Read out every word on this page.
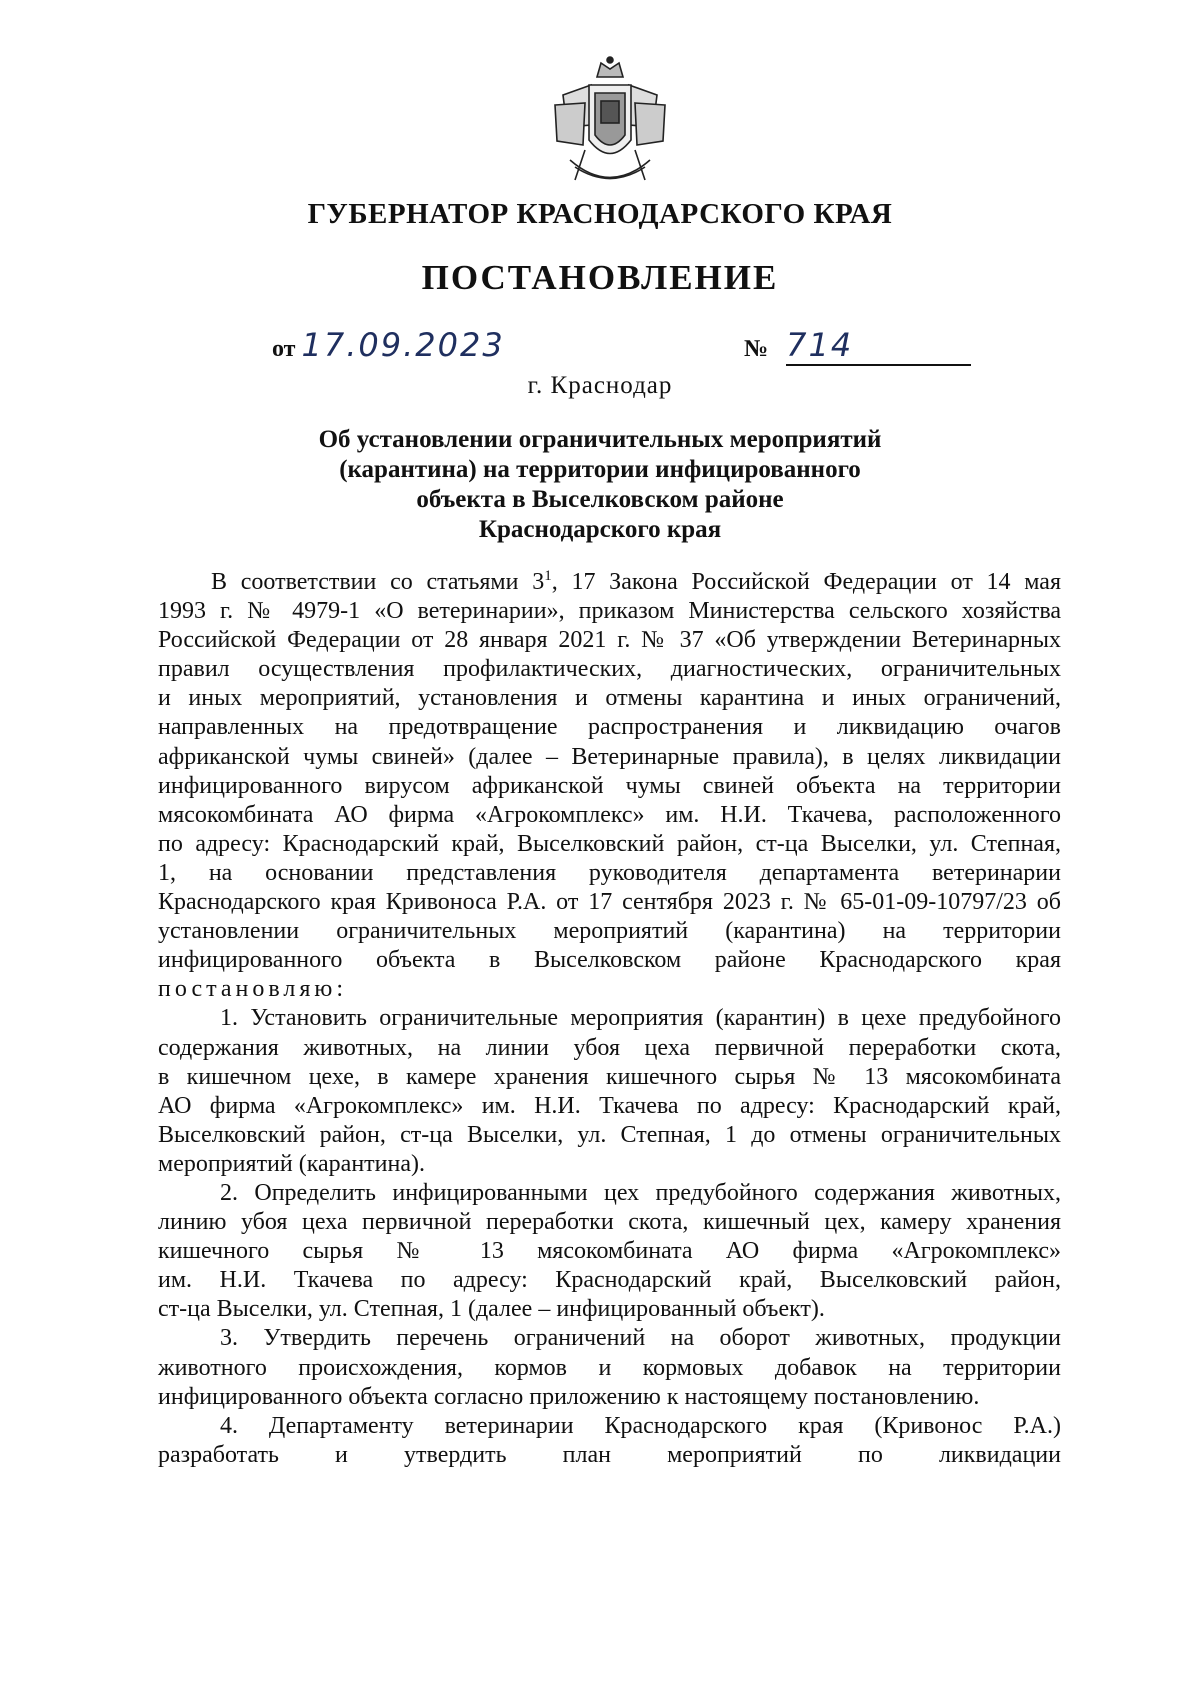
ГУБЕРНАТОР КРАСНОДАРСКОГО КРАЯ
ПОСТАНОВЛЕНИЕ
от 17.09.2023	№ 714
г. Краснодар
Об установлении ограничительных мероприятий
(карантина) на территории инфицированного
объекта в Выселковском районе
Краснодарского края
В соответствии со статьями $3^1$, 17 Закона Российской Федерации от 14 мая
1993 г. № 4979-1 «О ветеринарии», приказом Министерства сельского хозяйства
Российской Федерации от 28 января 2021 г. № 37 «Об утверждении Ветеринарных
правил осуществления профилактических, диагностических, ограничительных
и иных мероприятий, установления и отмены карантина и иных ограничений,
направленных на предотвращение распространения и ликвидацию очагов
африканской чумы свиней» (далее – Ветеринарные правила), в целях ликвидации
инфицированного вирусом африканской чумы свиней объекта на территории
мясокомбината АО фирма «Агрокомплекс» им. Н.И. Ткачева, расположенного
по адресу: Краснодарский край, Выселковский район, ст-ца Выселки, ул. Степная,
1, на основании представления руководителя департамента ветеринарии
Краснодарского края Кривоноса Р.А. от 17 сентября 2023 г. № 65-01-09-10797/23 об
установлении ограничительных мероприятий (карантина) на территории
инфицированного объекта в Выселковском районе Краснодарского края
постановляю:
1. Установить ограничительные мероприятия (карантин) в цехе предубойного
содержания животных, на линии убоя цеха первичной переработки скота,
в кишечном цехе, в камере хранения кишечного сырья № 13 мясокомбината
АО фирма «Агрокомплекс» им. Н.И. Ткачева по адресу: Краснодарский край,
Выселковский район, ст-ца Выселки, ул. Степная, 1 до отмены ограничительных
мероприятий (карантина).
2. Определить инфицированными цех предубойного содержания животных,
линию убоя цеха первичной переработки скота, кишечный цех, камеру хранения
кишечного сырья № 13 мясокомбината АО фирма «Агрокомплекс»
им. Н.И. Ткачева по адресу: Краснодарский край, Выселковский район,
ст-ца Выселки, ул. Степная, 1 (далее – инфицированный объект).
3. Утвердить перечень ограничений на оборот животных, продукции
животного происхождения, кормов и кормовых добавок на территории
инфицированного объекта согласно приложению к настоящему постановлению.
4. Департаменту ветеринарии Краснодарского края (Кривонос Р.А.)
разработать и утвердить план мероприятий по ликвидации
